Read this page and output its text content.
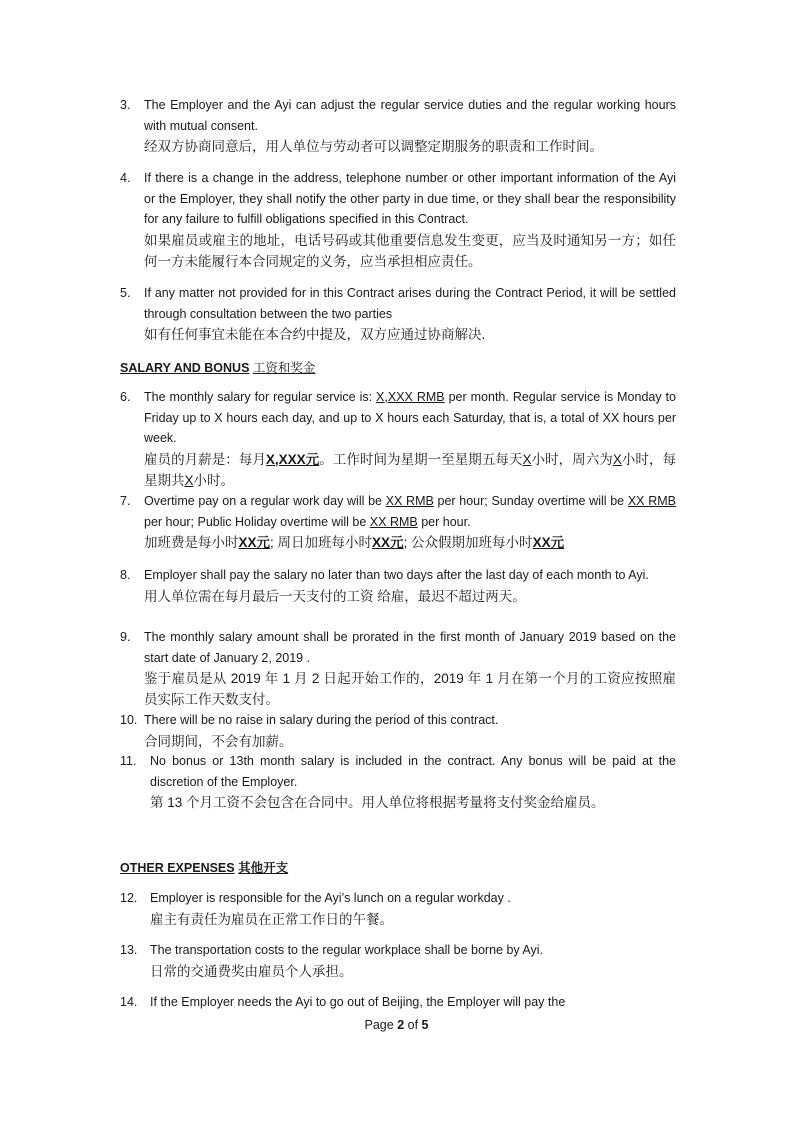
3. The Employer and the Ayi can adjust the regular service duties and the regular working hours with mutual consent.
经双方协商同意后，用人单位与劳动者可以调整定期服务的职责和工作时间。
4. If there is a change in the address, telephone number or other important information of the Ayi or the Employer, they shall notify the other party in due time, or they shall bear the responsibility for any failure to fulfill obligations specified in this Contract.
如果雇员或雇主的地址，电话号码或其他重要信息发生变更，应当及时通知另一方；如任何一方未能履行本合同规定的义务，应当承担相应责任。
5. If any matter not provided for in this Contract arises during the Contract Period, it will be settled through consultation between the two parties
如有任何事宜未能在本合约中提及，双方应通过协商解决.
SALARY AND BONUS 工资和奖金
6. The monthly salary for regular service is: X,XXX RMB per month. Regular service is Monday to Friday up to X hours each day, and up to X hours each Saturday, that is, a total of XX hours per week.
雇员的月薪是：每月X,XXX元。工作时间为星期一至星期五每天X小时，周六为X小时，每星期共X小时。
7. Overtime pay on a regular work day will be XX RMB per hour; Sunday overtime will be XX RMB per hour; Public Holiday overtime will be XX RMB per hour.
加班费是每小时XX元; 周日加班每小时XX元; 公众假期加班每小时XX元
8. Employer shall pay the salary no later than two days after the last day of each month to Ayi.
用人单位需在每月最后一天支付的工资 给雇，最迟不超过两天。
9. The monthly salary amount shall be prorated in the first month of January 2019 based on the start date of January 2, 2019 .
鉴于雇员是从 2019 年 1 月 2 日起开始工作的，2019 年 1 月在第一个月的工资应按照雇员实际工作天数支付。
10. There will be no raise in salary during the period of this contract.
合同期间，不会有加薪。
11. No bonus or 13th month salary is included in the contract. Any bonus will be paid at the discretion of the Employer.
第 13 个月工资不会包含在合同中。用人单位将根据考量将支付奖金给雇员。
OTHER EXPENSES 其他开支
12. Employer is responsible for the Ayi’s lunch on a regular workday .
雇主有责任为雇员在正常工作日的午餐。
13. The transportation costs to the regular workplace shall be borne by Ayi.
日常的交通费奖由雇员个人承担。
14. If the Employer needs the Ayi to go out of Beijing, the Employer will pay the
Page 2 of 5
